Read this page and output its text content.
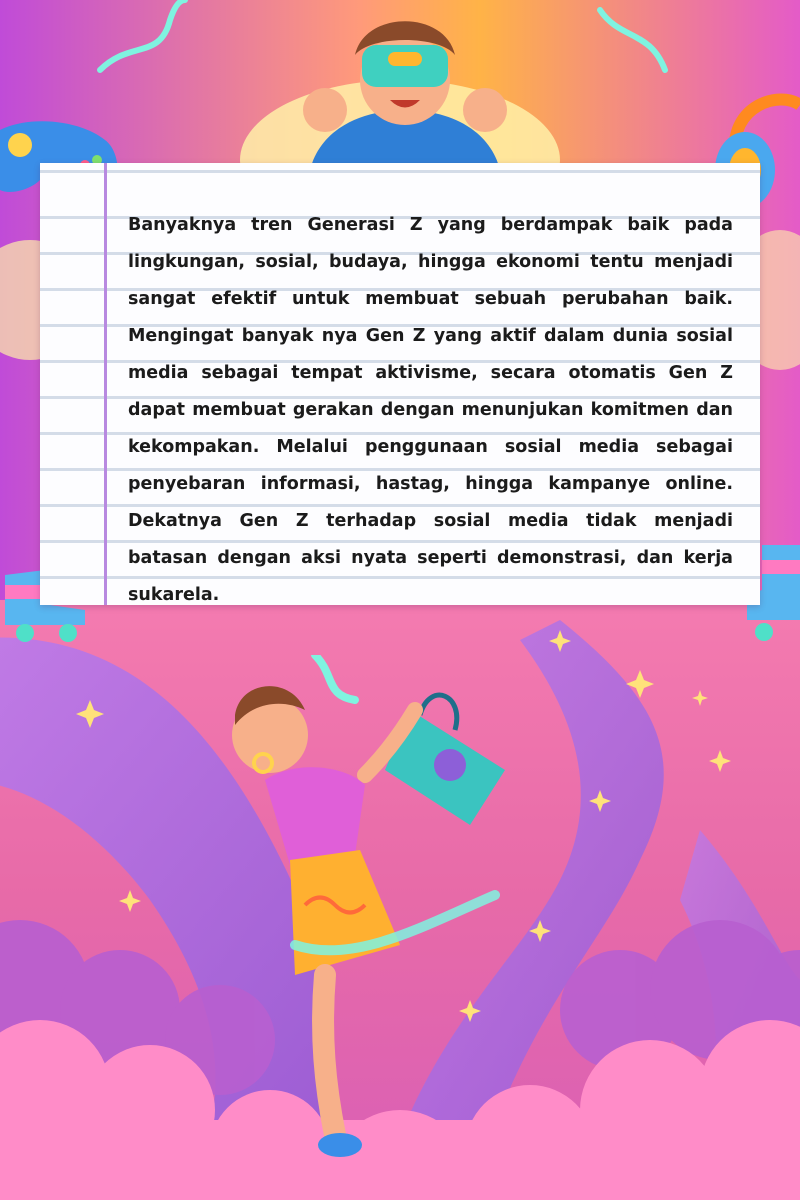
Banyaknya tren Generasi Z yang berdampak baik pada lingkungan, sosial, budaya, hingga ekonomi tentu menjadi sangat efektif untuk membuat sebuah perubahan baik. Mengingat banyak nya Gen Z yang aktif dalam dunia sosial media sebagai tempat aktivisme, secara otomatis Gen Z dapat membuat gerakan dengan menunjukan komitmen dan kekompakan. Melalui penggunaan sosial media sebagai penyebaran informasi, hastag, hingga kampanye online. Dekatnya Gen Z terhadap sosial media tidak menjadi batasan dengan aksi nyata seperti demonstrasi, dan kerja sukarela.
